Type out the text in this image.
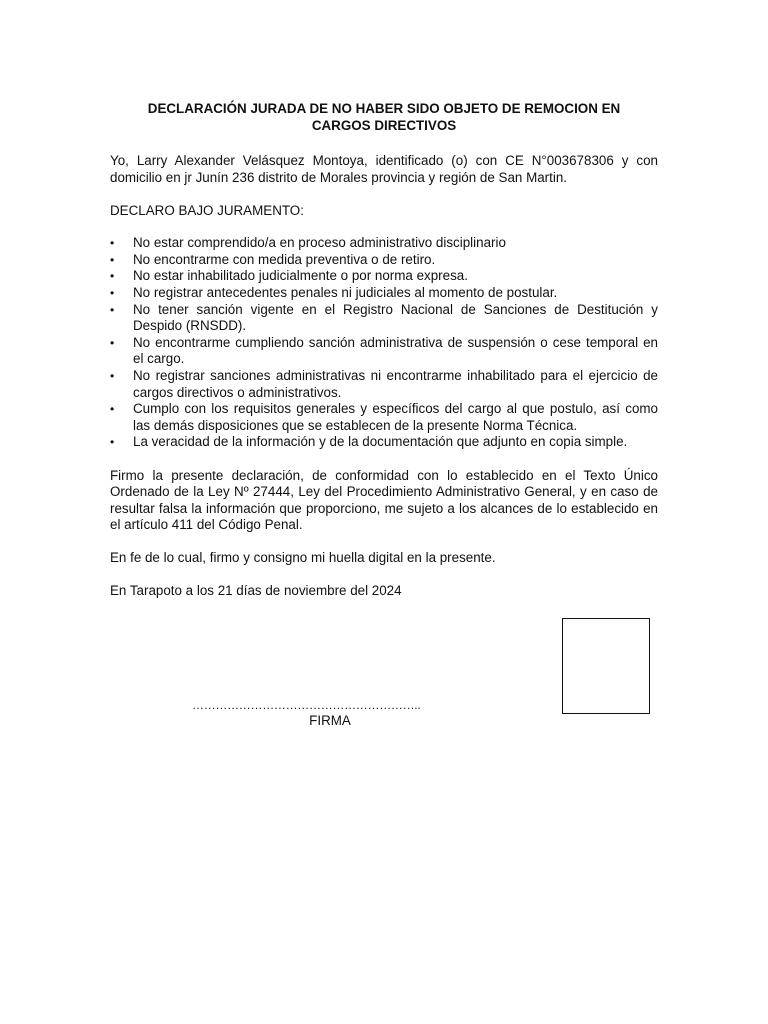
DECLARACIÓN JURADA DE NO HABER SIDO OBJETO DE REMOCION EN CARGOS DIRECTIVOS
Yo, Larry Alexander Velásquez Montoya, identificado (o) con CE N°003678306 y con domicilio en jr Junín 236 distrito de Morales provincia y región de San Martin.
DECLARO BAJO JURAMENTO:
• No estar comprendido/a en proceso administrativo disciplinario
• No encontrarme con medida preventiva o de retiro.
• No estar inhabilitado judicialmente o por norma expresa.
• No registrar antecedentes penales ni judiciales al momento de postular.
• No tener sanción vigente en el Registro Nacional de Sanciones de Destitución y Despido (RNSDD).
• No encontrarme cumpliendo sanción administrativa de suspensión o cese temporal en el cargo.
• No registrar sanciones administrativas ni encontrarme inhabilitado para el ejercicio de cargos directivos o administrativos.
• Cumplo con los requisitos generales y específicos del cargo al que postulo, así como las demás disposiciones que se establecen de la presente Norma Técnica.
• La veracidad de la información y de la documentación que adjunto en copia simple.
Firmo la presente declaración, de conformidad con lo establecido en el Texto Único Ordenado de la Ley Nº 27444, Ley del Procedimiento Administrativo General, y en caso de resultar falsa la información que proporciono, me sujeto a los alcances de lo establecido en el artículo 411 del Código Penal.
En fe de lo cual, firmo y consigno mi huella digital en la presente.
En Tarapoto a los 21 días de noviembre del 2024
…………………………………………………..
FIRMA
